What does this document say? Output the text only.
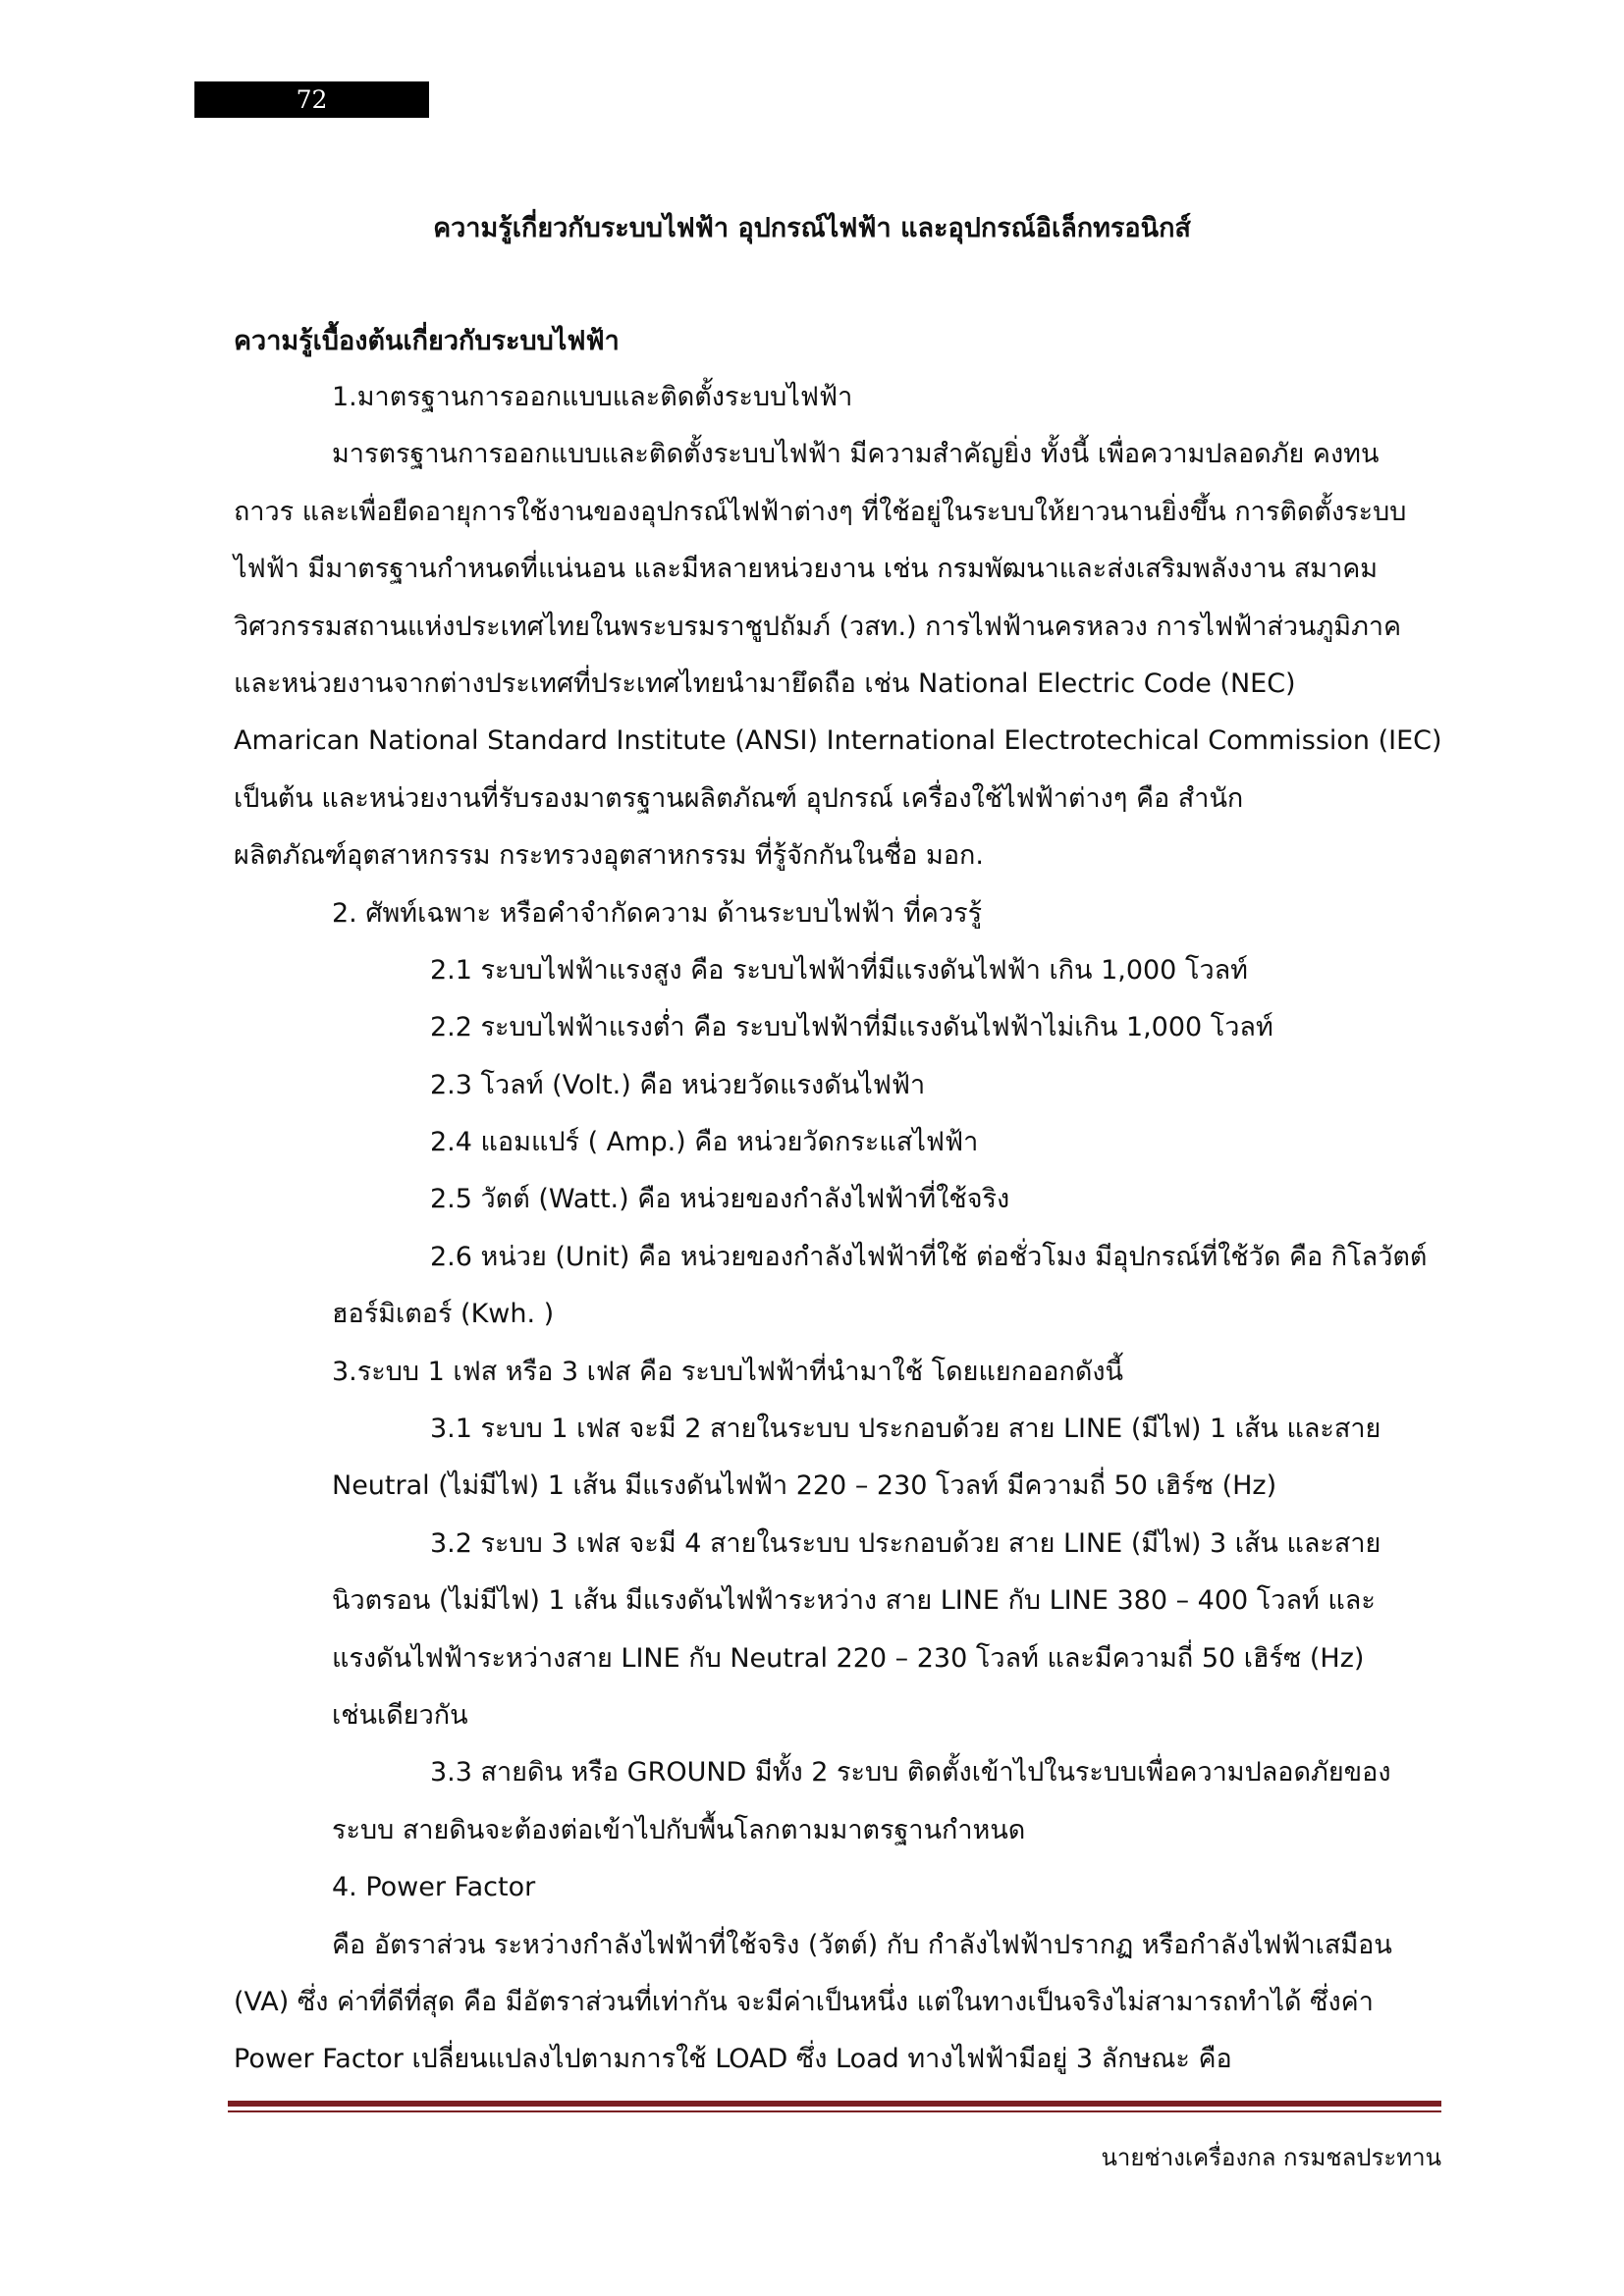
72
ความรู้เกี่ยวกับระบบไฟฟ้า อุปกรณ์ไฟฟ้า และอุปกรณ์อิเล็กทรอนิกส์
ความรู้เบื้องต้นเกี่ยวกับระบบไฟฟ้า
1.มาตรฐานการออกแบบและติดตั้งระบบไฟฟ้า
มารตรฐานการออกแบบและติดตั้งระบบไฟฟ้า มีความสำคัญยิ่ง ทั้งนี้ เพื่อความปลอดภัย คงทน
ถาวร และเพื่อยืดอายุการใช้งานของอุปกรณ์ไฟฟ้าต่างๆ ที่ใช้อยู่ในระบบให้ยาวนานยิ่งขึ้น การติดตั้งระบบ
ไฟฟ้า มีมาตรฐานกำหนดที่แน่นอน และมีหลายหน่วยงาน เช่น กรมพัฒนาและส่งเสริมพลังงาน สมาคม
วิศวกรรมสถานแห่งประเทศไทยในพระบรมราชูปถัมภ์ (วสท.) การไฟฟ้านครหลวง การไฟฟ้าส่วนภูมิภาค
และหน่วยงานจากต่างประเทศที่ประเทศไทยนำมายึดถือ เช่น National Electric Code (NEC)
Amarican National Standard Institute (ANSI) International Electrotechical Commission (IEC)
เป็นต้น และหน่วยงานที่รับรองมาตรฐานผลิตภัณฑ์ อุปกรณ์ เครื่องใช้ไฟฟ้าต่างๆ คือ สำนัก
ผลิตภัณฑ์อุตสาหกรรม กระทรวงอุตสาหกรรม ที่รู้จักกันในชื่อ มอก.
2. ศัพท์เฉพาะ หรือคำจำกัดความ ด้านระบบไฟฟ้า ที่ควรรู้
2.1 ระบบไฟฟ้าแรงสูง คือ ระบบไฟฟ้าที่มีแรงดันไฟฟ้า เกิน 1,000 โวลท์
2.2 ระบบไฟฟ้าแรงต่ำ คือ ระบบไฟฟ้าที่มีแรงดันไฟฟ้าไม่เกิน 1,000 โวลท์
2.3 โวลท์ (Volt.) คือ หน่วยวัดแรงดันไฟฟ้า
2.4 แอมแปร์ ( Amp.) คือ หน่วยวัดกระแสไฟฟ้า
2.5 วัตต์ (Watt.) คือ หน่วยของกำลังไฟฟ้าที่ใช้จริง
2.6 หน่วย (Unit) คือ หน่วยของกำลังไฟฟ้าที่ใช้ ต่อชั่วโมง มีอุปกรณ์ที่ใช้วัด คือ กิโลวัตต์
ฮอร์มิเตอร์ (Kwh. )
3.ระบบ 1 เฟส หรือ 3 เฟส คือ ระบบไฟฟ้าที่นำมาใช้ โดยแยกออกดังนี้
3.1 ระบบ 1 เฟส จะมี 2 สายในระบบ ประกอบด้วย สาย LINE (มีไฟ) 1 เส้น และสาย
Neutral (ไม่มีไฟ) 1 เส้น มีแรงดันไฟฟ้า 220 – 230 โวลท์ มีความถี่ 50 เฮิร์ซ (Hz)
3.2 ระบบ 3 เฟส จะมี 4 สายในระบบ ประกอบด้วย สาย LINE (มีไฟ) 3 เส้น และสาย
นิวตรอน (ไม่มีไฟ) 1 เส้น มีแรงดันไฟฟ้าระหว่าง สาย LINE กับ LINE 380 – 400 โวลท์ และ
แรงดันไฟฟ้าระหว่างสาย LINE กับ Neutral 220 – 230 โวลท์ และมีความถี่ 50 เฮิร์ซ (Hz)
เช่นเดียวกัน
3.3 สายดิน หรือ GROUND มีทั้ง 2 ระบบ ติดตั้งเข้าไปในระบบเพื่อความปลอดภัยของ
ระบบ สายดินจะต้องต่อเข้าไปกับพื้นโลกตามมาตรฐานกำหนด
4. Power Factor
คือ อัตราส่วน ระหว่างกำลังไฟฟ้าที่ใช้จริง (วัตต์) กับ กำลังไฟฟ้าปรากฏ หรือกำลังไฟฟ้าเสมือน
(VA) ซึ่ง ค่าที่ดีที่สุด คือ มีอัตราส่วนที่เท่ากัน จะมีค่าเป็นหนึ่ง แต่ในทางเป็นจริงไม่สามารถทำได้ ซึ่งค่า
Power Factor เปลี่ยนแปลงไปตามการใช้ LOAD ซึ่ง Load ทางไฟฟ้ามีอยู่ 3 ลักษณะ คือ
นายช่างเครื่องกล กรมชลประทาน
